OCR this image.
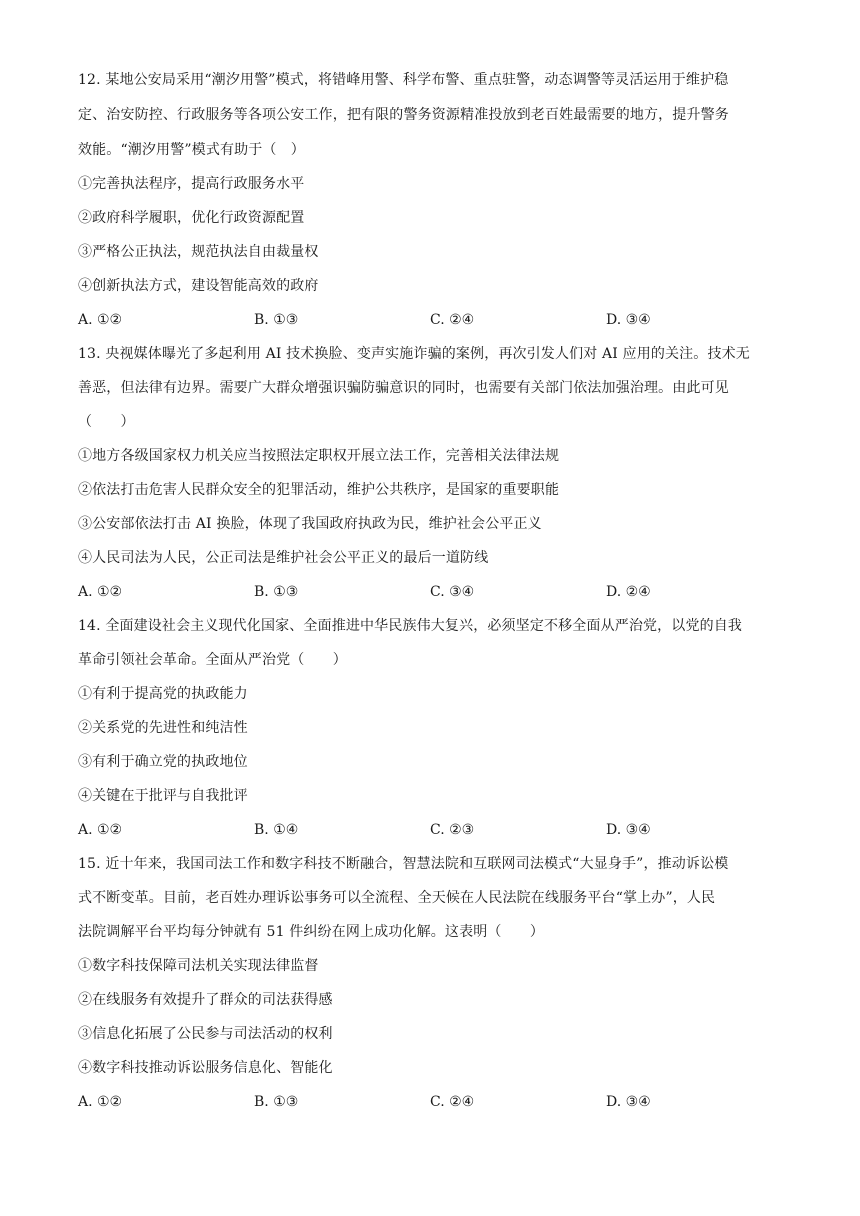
12. 某地公安局采用“潮汐用警”模式，将错峰用警、科学布警、重点驻警，动态调警等灵活运用于维护稳
定、治安防控、行政服务等各项公安工作，把有限的警务资源精准投放到老百姓最需要的地方，提升警务
效能。“潮汐用警”模式有助于（　）
①完善执法程序，提高行政服务水平
②政府科学履职，优化行政资源配置
③严格公正执法，规范执法自由裁量权
④创新执法方式，建设智能高效的政府
A. ①②	B. ①③	C. ②④	D. ③④
13. 央视媒体曝光了多起利用 AI 技术换脸、变声实施诈骗的案例，再次引发人们对 AI 应用的关注。技术无
善恶，但法律有边界。需要广大群众增强识骗防骗意识的同时，也需要有关部门依法加强治理。由此可见
（　　）
①地方各级国家权力机关应当按照法定职权开展立法工作，完善相关法律法规
②依法打击危害人民群众安全的犯罪活动，维护公共秩序，是国家的重要职能
③公安部依法打击 AI 换脸，体现了我国政府执政为民，维护社会公平正义
④人民司法为人民，公正司法是维护社会公平正义的最后一道防线
A. ①②	B. ①③	C. ③④	D. ②④
14. 全面建设社会主义现代化国家、全面推进中华民族伟大复兴，必须坚定不移全面从严治党，以党的自我
革命引领社会革命。全面从严治党（　　）
①有利于提高党的执政能力
②关系党的先进性和纯洁性
③有利于确立党的执政地位
④关键在于批评与自我批评
A. ①②	B. ①④	C. ②③	D. ③④
15. 近十年来，我国司法工作和数字科技不断融合，智慧法院和互联网司法模式“大显身手”，推动诉讼模
式不断变革。目前，老百姓办理诉讼事务可以全流程、全天候在人民法院在线服务平台“掌上办”，人民
法院调解平台平均每分钟就有 51 件纠纷在网上成功化解。这表明（　　）
①数字科技保障司法机关实现法律监督
②在线服务有效提升了群众的司法获得感
③信息化拓展了公民参与司法活动的权利
④数字科技推动诉讼服务信息化、智能化
A. ①②	B. ①③	C. ②④	D. ③④
